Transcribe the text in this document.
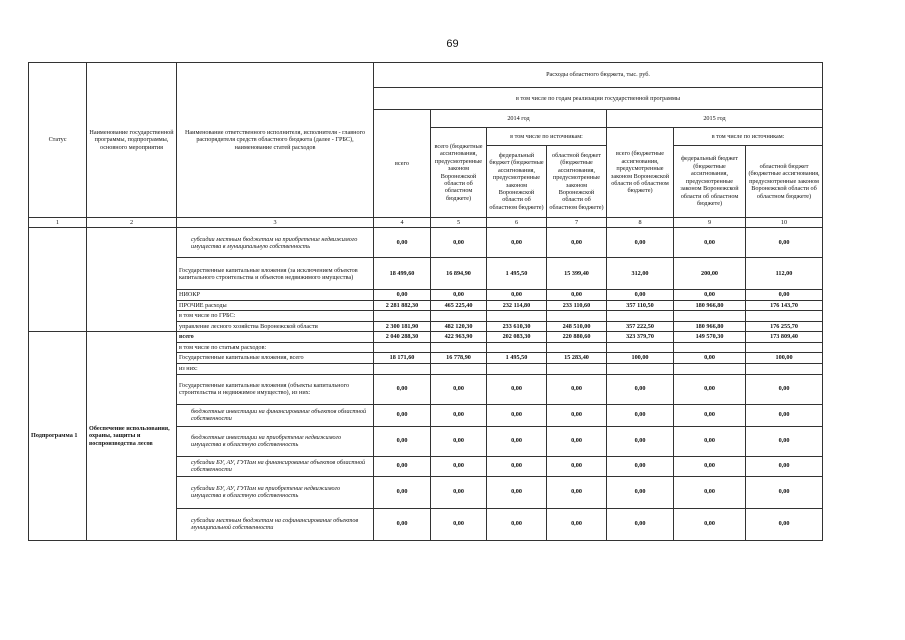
69
Статус	Наименование государственной программы, подпрограммы, основного мероприятия	Наименование ответственного исполнителя, исполнителя - главного распорядителя средств областного бюджета (далее - ГРБС), наименование статей расходов	Расходы областного бюджета, тыс. руб.						
			в том числе по годам реализации государственной программы						
			всего	2014 год			2015 год		
				всего (бюджетные ассигнования, предусмотренные законом Воронежской области об областном бюджете)	в том числе по источникам:		всего (бюджетные ассигнования, предусмотренные законом Воронежской области об областном бюджете)	в том числе по источникам:	
					федеральный бюджет (бюджетные ассигнования, предусмотренные законом Воронежской области об областном бюджете)	областной бюджет (бюджетные ассигнования, предусмотренные законом Воронежской области об областном бюджете)		федеральный бюджет (бюджетные ассигнования, предусмотренные законом Воронежской области об областном бюджете)	областной бюджет (бюджетные ассигнования, предусмотренные законом Воронежской области об областном бюджете)
1	2	3	4	5	6	7	8	9	10
		субсидии местным бюджетам на приобретение недвижимого имущества в муниципальную собственность	0,00	0,00	0,00	0,00	0,00	0,00	0,00
		Государственные капитальные вложения (за исключением объектов капитального строительства и объектов недвижимого имущества)	18 499,60	16 894,90	1 495,50	15 399,40	312,00	200,00	112,00
		НИОКР	0,00	0,00	0,00	0,00	0,00	0,00	0,00
		ПРОЧИЕ расходы	2 281 882,30	465 225,40	232 114,80	233 110,60	357 110,50	180 966,80	176 143,70
		в том числе по ГРБС:							
		управление лесного хозяйства Воронежской области	2 300 181,90	482 120,30	233 610,30	248 510,00	357 222,50	180 966,80	176 255,70
Подпрограмма 1	Обеспечение использования, охраны, защиты и воспроизводства лесов	всего	2 040 288,30	422 963,90	202 083,30	220 880,60	323 379,70	149 570,30	173 809,40
		в том числе по статьям расходов:							
		Государственные капитальные вложения, всего	18 171,60	16 778,90	1 495,50	15 283,40	100,00	0,00	100,00
		из них:							
		Государственные капитальные вложения (объекты капитального строительства и недвижимое имущество), из них:	0,00	0,00	0,00	0,00	0,00	0,00	0,00
		бюджетные инвестиции на финансирование объектов областной собственности	0,00	0,00	0,00	0,00	0,00	0,00	0,00
		бюджетные инвестиции на приобретение недвижимого имущества в областную собственность	0,00	0,00	0,00	0,00	0,00	0,00	0,00
		субсидии БУ, АУ, ГУПам на финансирование объектов областной собственности	0,00	0,00	0,00	0,00	0,00	0,00	0,00
		субсидии БУ, АУ, ГУПам на приобретение недвижимого имущества в областную собственность	0,00	0,00	0,00	0,00	0,00	0,00	0,00
		субсидии местным бюджетам на софинансирование объектов муниципальной собственности	0,00	0,00	0,00	0,00	0,00	0,00	0,00
